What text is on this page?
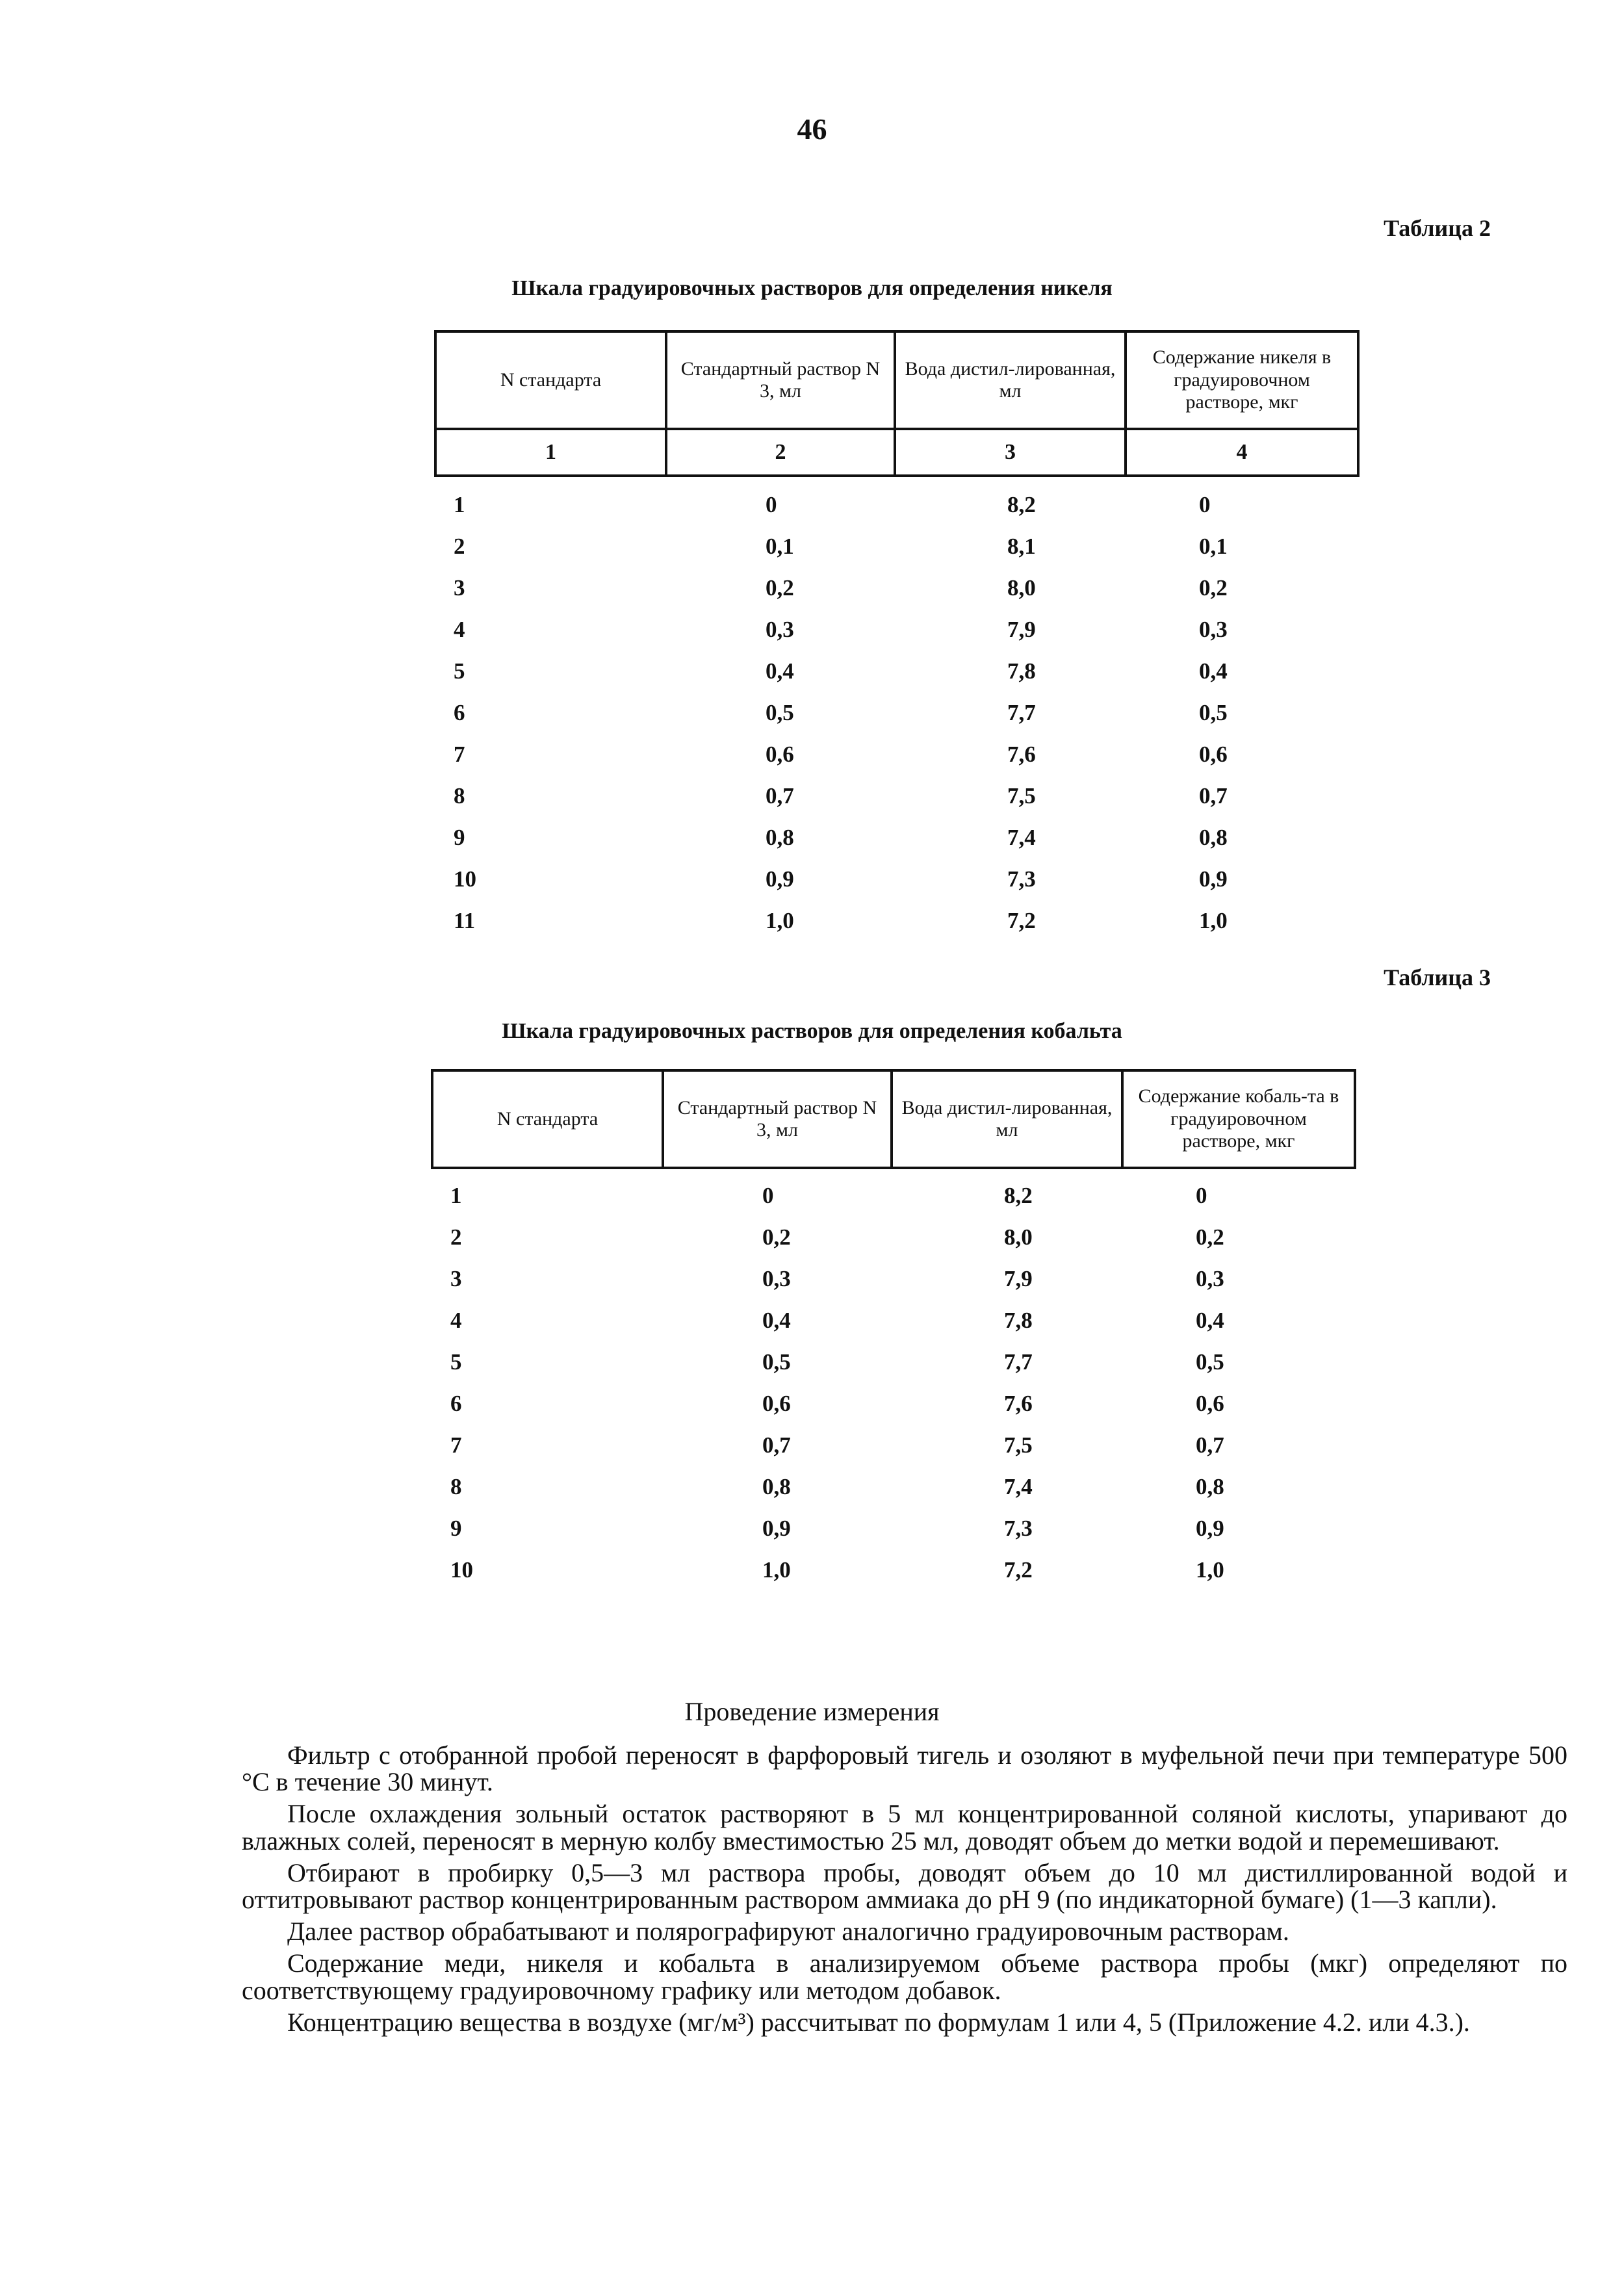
46
Таблица 2
Шкала градуировочных растворов для определения никеля
N стандарта	Стандартный раствор N 3, мл	Вода дистил-лированная, мл	Содержание никеля в градуировочном растворе, мкг
1	2	3	4
1	0	8,2	0
2	0,1	8,1	0,1
3	0,2	8,0	0,2
4	0,3	7,9	0,3
5	0,4	7,8	0,4
6	0,5	7,7	0,5
7	0,6	7,6	0,6
8	0,7	7,5	0,7
9	0,8	7,4	0,8
10	0,9	7,3	0,9
11	1,0	7,2	1,0
Таблица 3
Шкала градуировочных растворов для определения кобальта
N стандарта	Стандартный раствор N 3, мл	Вода дистил-лированная, мл	Содержание кобаль-та в градуировочном растворе, мкг
1	0	8,2	0
2	0,2	8,0	0,2
3	0,3	7,9	0,3
4	0,4	7,8	0,4
5	0,5	7,7	0,5
6	0,6	7,6	0,6
7	0,7	7,5	0,7
8	0,8	7,4	0,8
9	0,9	7,3	0,9
10	1,0	7,2	1,0
Проведение измерения

Фильтр с отобранной пробой переносят в фарфоровый тигель и озоляют в муфельной печи при температуре 500 °С в течение 30 минут.

После охлаждения зольный остаток растворяют в 5 мл концентрированной соляной кислоты, упаривают до влажных солей, переносят в мерную колбу вместимостью 25 мл, доводят объем до метки водой и перемешивают.

Отбирают в пробирку 0,5—3 мл раствора пробы, доводят объем до 10 мл дистиллированной водой и оттитровывают раствор концентрированным раствором аммиака до рН 9 (по индикаторной бумаге) (1—3 капли).

Далее раствор обрабатывают и полярографируют аналогично градуировочным растворам.

Содержание меди, никеля и кобальта в анализируемом объеме раствора пробы (мкг) определяют по соответствующему градуировочному графику или методом добавок.

Концентрацию вещества в воздухе (мг/м³) рассчитыват по формулам 1 или 4, 5 (Приложение 4.2. или 4.3.).
